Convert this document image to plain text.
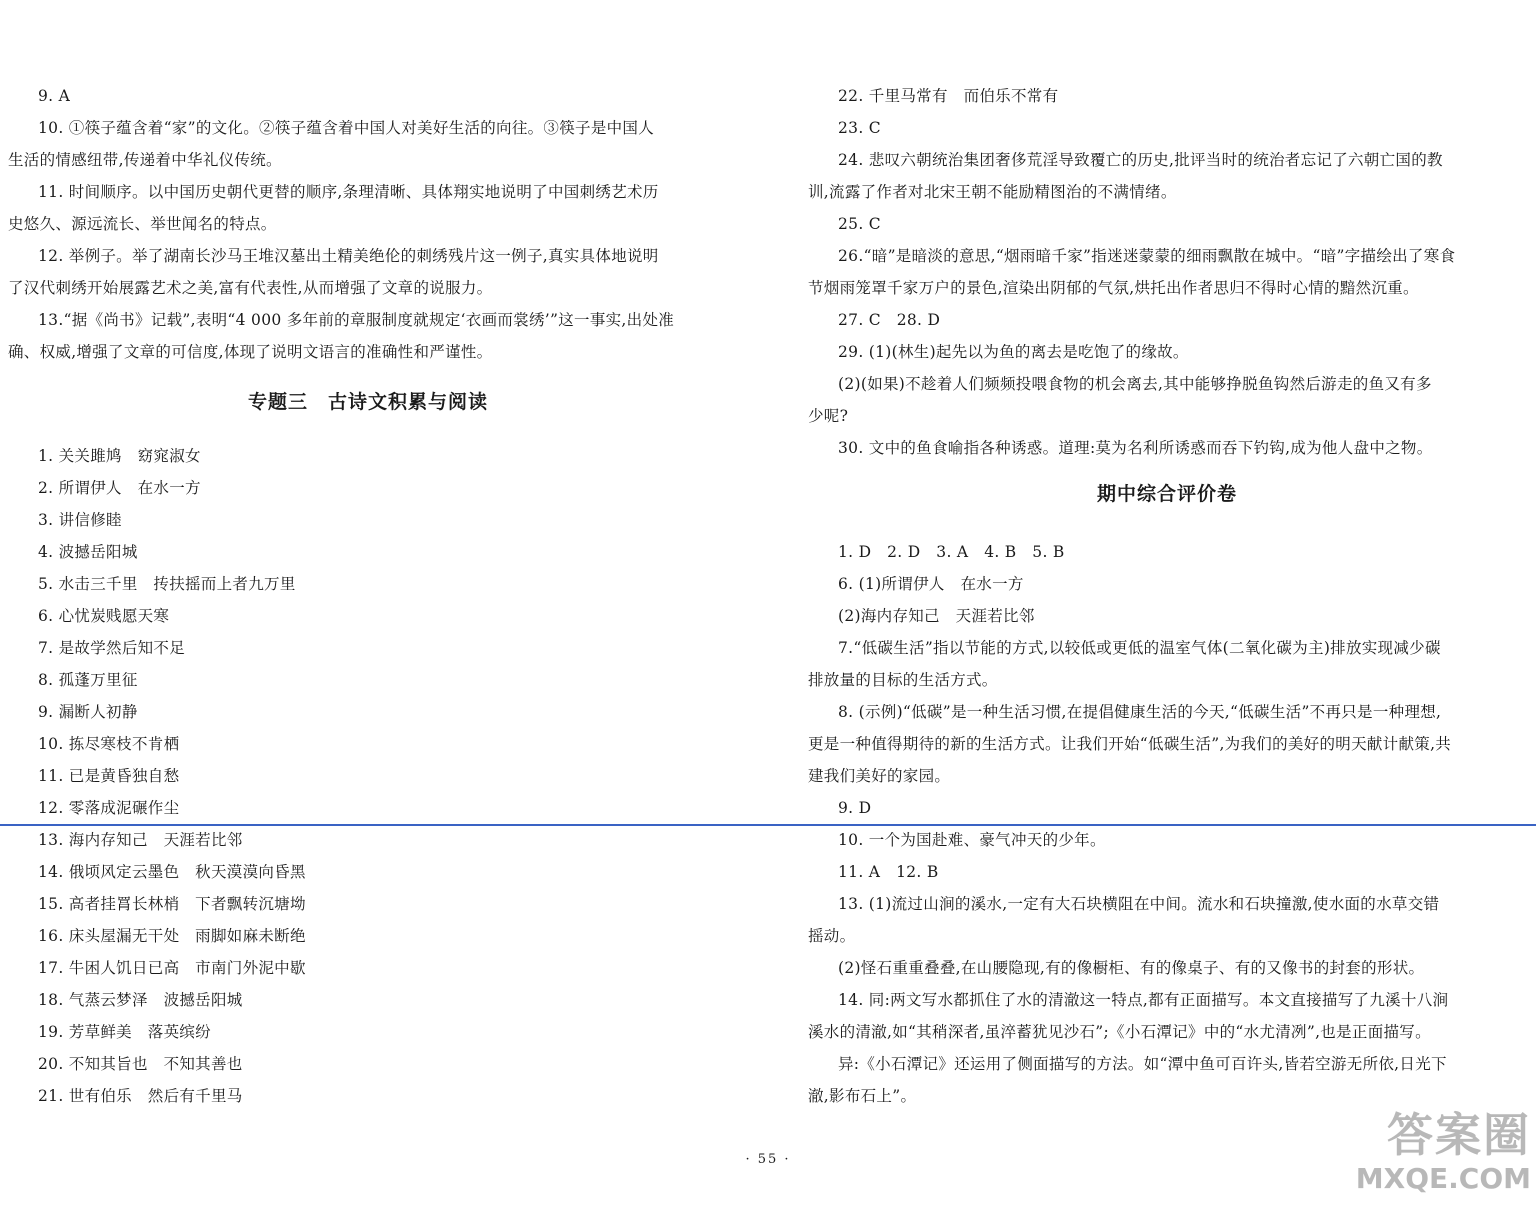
9. A
10. ①筷子蕴含着“家”的文化。②筷子蕴含着中国人对美好生活的向往。③筷子是中国人
生活的情感纽带,传递着中华礼仪传统。
11. 时间顺序。以中国历史朝代更替的顺序,条理清晰、具体翔实地说明了中国刺绣艺术历
史悠久、源远流长、举世闻名的特点。
12. 举例子。举了湖南长沙马王堆汉墓出土精美绝伦的刺绣残片这一例子,真实具体地说明
了汉代刺绣开始展露艺术之美,富有代表性,从而增强了文章的说服力。
13.“据《尚书》记载”,表明“4 000 多年前的章服制度就规定‘衣画而裳绣’”这一事实,出处准
确、权威,增强了文章的可信度,体现了说明文语言的准确性和严谨性。
专题三　古诗文积累与阅读
1. 关关雎鸠　窈窕淑女
2. 所谓伊人　在水一方
3. 讲信修睦
4. 波撼岳阳城
5. 水击三千里　抟扶摇而上者九万里
6. 心忧炭贱愿天寒
7. 是故学然后知不足
8. 孤蓬万里征
9. 漏断人初静
10. 拣尽寒枝不肯栖
11. 已是黄昏独自愁
12. 零落成泥碾作尘
13. 海内存知己　天涯若比邻
14. 俄顷风定云墨色　秋天漠漠向昏黑
15. 高者挂罥长林梢　下者飘转沉塘坳
16. 床头屋漏无干处　雨脚如麻未断绝
17. 牛困人饥日已高　市南门外泥中歇
18. 气蒸云梦泽　波撼岳阳城
19. 芳草鲜美　落英缤纷
20. 不知其旨也　不知其善也
21. 世有伯乐　然后有千里马
22. 千里马常有　而伯乐不常有
23. C
24. 悲叹六朝统治集团奢侈荒淫导致覆亡的历史,批评当时的统治者忘记了六朝亡国的教
训,流露了作者对北宋王朝不能励精图治的不满情绪。
25. C
26.“暗”是暗淡的意思,“烟雨暗千家”指迷迷蒙蒙的细雨飘散在城中。“暗”字描绘出了寒食
节烟雨笼罩千家万户的景色,渲染出阴郁的气氛,烘托出作者思归不得时心情的黯然沉重。
27. C　28. D
29. (1)(林生)起先以为鱼的离去是吃饱了的缘故。
(2)(如果)不趁着人们频频投喂食物的机会离去,其中能够挣脱鱼钩然后游走的鱼又有多
少呢?
30. 文中的鱼食喻指各种诱惑。道理:莫为名利所诱惑而吞下钓钩,成为他人盘中之物。
期中综合评价卷
1. D　2. D　3. A　4. B　5. B
6. (1)所谓伊人　在水一方
(2)海内存知己　天涯若比邻
7.“低碳生活”指以节能的方式,以较低或更低的温室气体(二氧化碳为主)排放实现减少碳
排放量的目标的生活方式。
8. (示例)“低碳”是一种生活习惯,在提倡健康生活的今天,“低碳生活”不再只是一种理想,
更是一种值得期待的新的生活方式。让我们开始“低碳生活”,为我们的美好的明天献计献策,共
建我们美好的家园。
9. D
10. 一个为国赴难、豪气冲天的少年。
11. A　12. B
13. (1)流过山涧的溪水,一定有大石块横阻在中间。流水和石块撞激,使水面的水草交错
摇动。
(2)怪石重重叠叠,在山腰隐现,有的像橱柜、有的像桌子、有的又像书的封套的形状。
14. 同:两文写水都抓住了水的清澈这一特点,都有正面描写。本文直接描写了九溪十八涧
溪水的清澈,如“其稍深者,虽淬蓄犹见沙石”;《小石潭记》中的“水尤清冽”,也是正面描写。
异:《小石潭记》还运用了侧面描写的方法。如“潭中鱼可百许头,皆若空游无所依,日光下
澈,影布石上”。
· 55 ·	答案圈
MXQE.COM
